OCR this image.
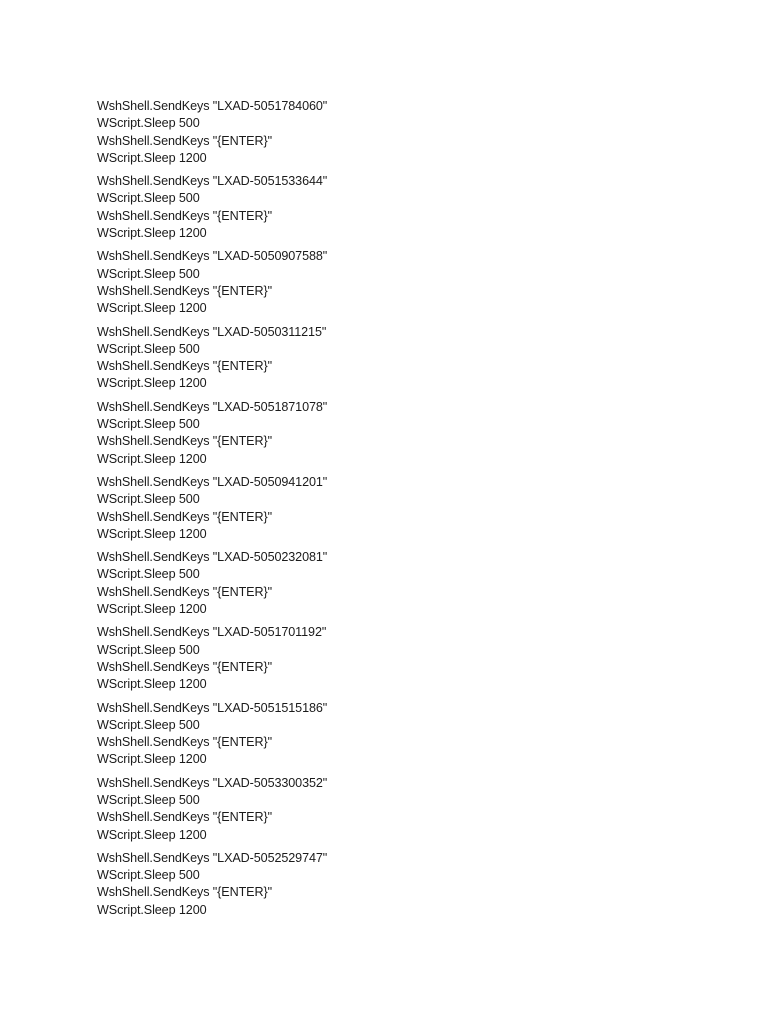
WshShell.SendKeys "LXAD-5051784060"
WScript.Sleep 500
WshShell.SendKeys "{ENTER}"
WScript.Sleep 1200
WshShell.SendKeys "LXAD-5051533644"
WScript.Sleep 500
WshShell.SendKeys "{ENTER}"
WScript.Sleep 1200
WshShell.SendKeys "LXAD-5050907588"
WScript.Sleep 500
WshShell.SendKeys "{ENTER}"
WScript.Sleep 1200
WshShell.SendKeys "LXAD-5050311215"
WScript.Sleep 500
WshShell.SendKeys "{ENTER}"
WScript.Sleep 1200
WshShell.SendKeys "LXAD-5051871078"
WScript.Sleep 500
WshShell.SendKeys "{ENTER}"
WScript.Sleep 1200
WshShell.SendKeys "LXAD-5050941201"
WScript.Sleep 500
WshShell.SendKeys "{ENTER}"
WScript.Sleep 1200
WshShell.SendKeys "LXAD-5050232081"
WScript.Sleep 500
WshShell.SendKeys "{ENTER}"
WScript.Sleep 1200
WshShell.SendKeys "LXAD-5051701192"
WScript.Sleep 500
WshShell.SendKeys "{ENTER}"
WScript.Sleep 1200
WshShell.SendKeys "LXAD-5051515186"
WScript.Sleep 500
WshShell.SendKeys "{ENTER}"
WScript.Sleep 1200
WshShell.SendKeys "LXAD-5053300352"
WScript.Sleep 500
WshShell.SendKeys "{ENTER}"
WScript.Sleep 1200
WshShell.SendKeys "LXAD-5052529747"
WScript.Sleep 500
WshShell.SendKeys "{ENTER}"
WScript.Sleep 1200
